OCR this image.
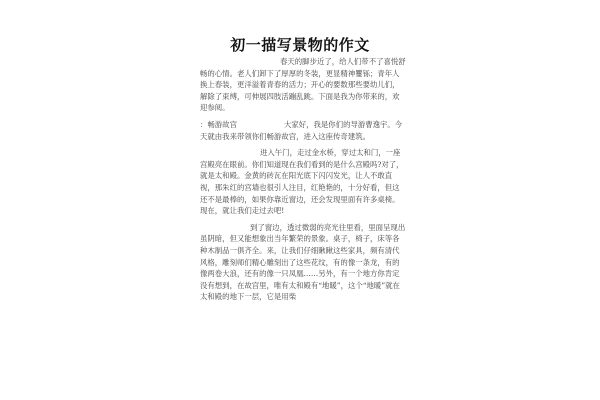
初一描写景物的作文

春天的脚步近了，给人们带不了喜悦舒畅的心情。老人们卸下了厚厚的冬装，更显精神矍铄；青年人换上春装，更洋溢着青春的活力；开心的要数那些要幼儿们，解除了束缚，可伸展四肢活蹦乱跳。下面是我为你带来的，欢迎参阅。

：畅游故宫                    大家好，我是你们的导游曹逸宇。今天就由我来带领你们畅游故宫，进入这座传奇建筑。

进入午门，走过金水桥，穿过太和门，一座宫殿亮在眼前。你们知道现在我们看到的是什么宫殿吗?对了，就是太和殿。金黄的砖瓦在阳光底下闪闪发光，让人不敢直视，那朱红的宫墙也很引人注目，红艳艳的，十分好看，但这还不是最棒的，如果你靠近窗边，还会发现里面有许多桌椅。现在，就让我们走过去吧!

到了窗边，透过微弱的亮光往里看，里面呈现出虽阴暗，但又能想象出当年繁荣的景象。桌子，椅子，床等各种木制品一俱齐全。来，让我们仔细瞅瞅这些家具，频有清代风格，雕刻师们精心雕刻出了这些花纹，有的像一条龙，有的像两卷大浪，还有的像一只凤凰……另外，有一个地方你肯定没有想到，在故宫里，唯有太和殿有“地暖”，这个“地暖”就在太和殿的地下一层，它是用柴
